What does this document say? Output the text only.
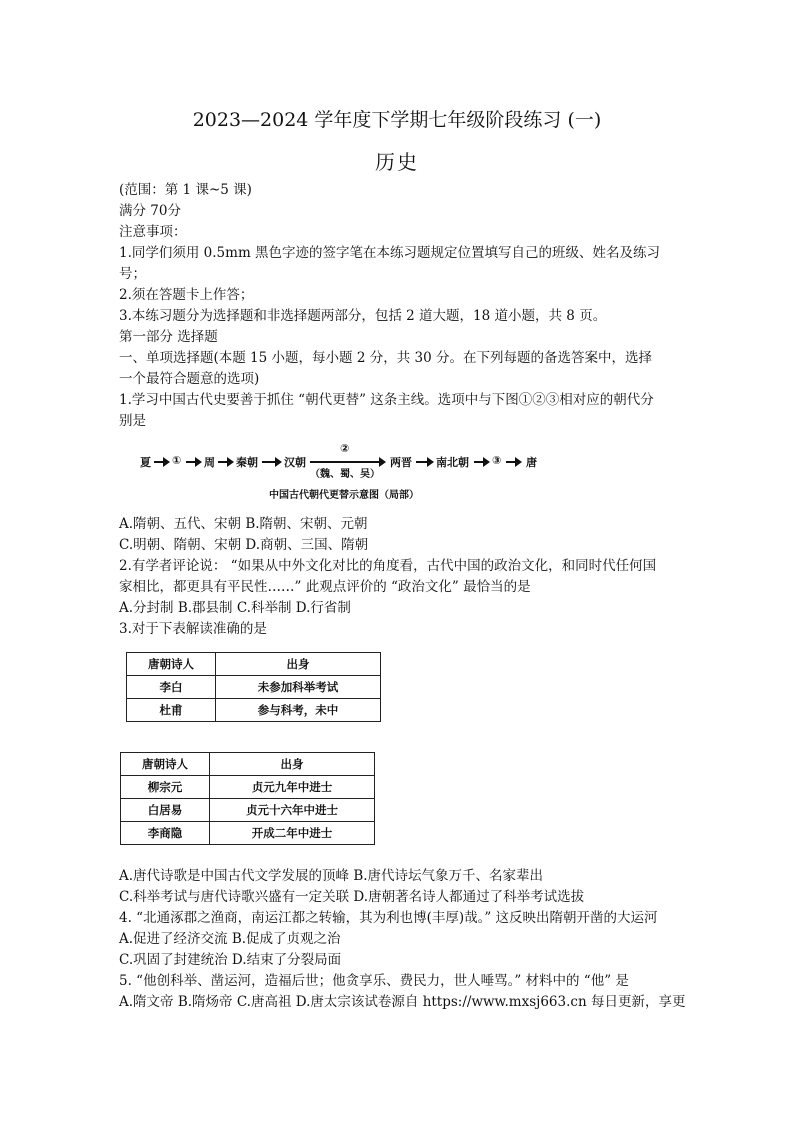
2023—2024 学年度下学期七年级阶段练习 (一)
历史
(范围：第 1 课~5 课)
满分 70分
注意事项：
1.同学们须用 0.5mm 黑色字迹的签字笔在本练习题规定位置填写自己的班级、姓名及练习
号；
2.须在答题卡上作答；
3.本练习题分为选择题和非选择题两部分，包括 2 道大题，18 道小题，共 8 页。
第一部分 选择题
一、单项选择题(本题 15 小题，每小题 2 分，共 30 分。在下列每题的备选答案中，选择
一个最符合题意的选项)
1.学习中国古代史要善于抓住 “朝代更替” 这条主线。选项中与下图①②③相对应的朝代分
别是
夏 ① 周 秦朝 汉朝
②
（魏、蜀、吴）
两晋 南北朝 ③ 唐
中国古代朝代更替示意图（局部）
A.隋朝、五代、宋朝 B.隋朝、宋朝、元朝
C.明朝、隋朝、宋朝 D.商朝、三国、隋朝
2.有学者评论说： “如果从中外文化对比的角度看，古代中国的政治文化，和同时代任何国
家相比，都更具有平民性……” 此观点评价的 “政治文化” 最恰当的是
A.分封制 B.郡县制 C.科举制 D.行省制
3.对于下表解读准确的是
唐朝诗人	出身
李白	未参加科举考试
杜甫	参与科考，未中
唐朝诗人	出身
柳宗元	贞元九年中进士
白居易	贞元十六年中进士
李商隐	开成二年中进士
A.唐代诗歌是中国古代文学发展的顶峰 B.唐代诗坛气象万千、名家辈出
C.科举考试与唐代诗歌兴盛有一定关联 D.唐朝著名诗人都通过了科举考试选拔
4. “北通涿郡之渔商，南运江都之转输，其为利也博(丰厚)哉。” 这反映出隋朝开凿的大运河
A.促进了经济交流 B.促成了贞观之治
C.巩固了封建统治 D.结束了分裂局面
5. “他创科举、凿运河，造福后世；他贪享乐、费民力，世人唾骂。” 材料中的 “他” 是
A.隋文帝 B.隋炀帝 C.唐高祖 D.唐太宗该试卷源自 https://www.mxsj663.cn 每日更新，享更
